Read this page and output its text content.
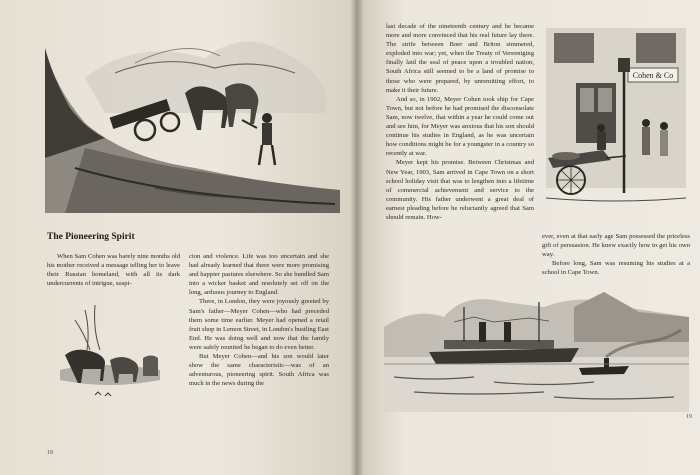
The Pioneering Spirit

When Sam Cohen was barely nine months old his mother received a message telling her to leave their Russian homeland, with all its dark undercurrents of intrigue, suspi-

cion and violence. Life was too uncertain and she had already learned that there were more promising and happier pastures elsewhere. So she bundled Sam into a wicker basket and resolutely set off on the long, arduous journey to England.

There, in London, they were joyously greeted by Sam's father—Meyer Cohen—who had preceded them some time earlier. Meyer had opened a retail fruit shop in Lemon Street, in London's bustling East End. He was doing well and now that the family were safely reunited he began to do even better.

But Meyer Cohen—and his son would later show the same characteristic—was of an adventurous, pioneering spirit. South Africa was much in the news during the

18

last decade of the nineteenth century and he became more and more convinced that his real future lay there. The strife between Boer and Briton simmered, exploded into war; yet, when the Treaty of Vereeniging finally laid the seal of peace upon a troubled nation, South Africa still seemed to be a land of promise to those who were prepared, by unremitting effort, to make it their future.

And so, in 1902, Meyer Cohen took ship for Cape Town, but not before he had promised the disconsolate Sam, now twelve, that within a year he could come out and see him, for Meyer was anxious that his son should continue his studies in England, as he was uncertain how conditions might be for a youngster in a country so recently at war.

Meyer kept his promise. Between Christmas and New Year, 1903, Sam arrived in Cape Town on a short school holiday visit that was to lengthen into a lifetime of commercial achievement and service to the community. His father underwent a great deal of earnest pleading before he reluctantly agreed that Sam should remain. How-

Cohen & Co

ever, even at that early age Sam possessed the priceless gift of persuasion. He knew exactly how to get his own way.

Before long, Sam was resuming his studies at a school in Cape Town.

19
